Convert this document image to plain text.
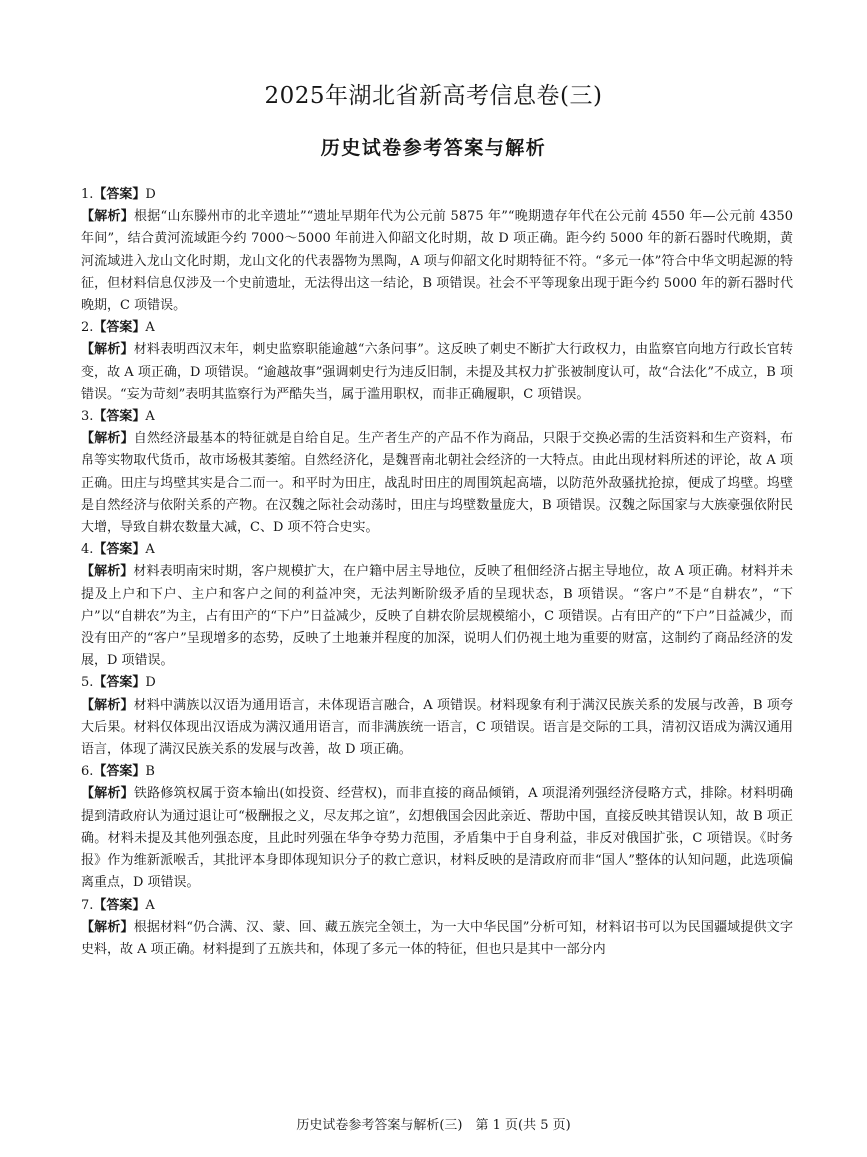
2025年湖北省新高考信息卷(三)
历史试卷参考答案与解析
1.【答案】D
【解析】根据“山东滕州市的北辛遗址”“遗址早期年代为公元前 5875 年”“晚期遗存年代在公元前 4550 年—公元前 4350 年间”，结合黄河流域距今约 7000～5000 年前进入仰韶文化时期，故 D 项正确。距今约 5000 年的新石器时代晚期，黄河流域进入龙山文化时期，龙山文化的代表器物为黑陶，A 项与仰韶文化时期特征不符。“多元一体”符合中华文明起源的特征，但材料信息仅涉及一个史前遗址，无法得出这一结论，B 项错误。社会不平等现象出现于距今约 5000 年的新石器时代晚期，C 项错误。
2.【答案】A
【解析】材料表明西汉末年，刺史监察职能逾越“六条问事”。这反映了刺史不断扩大行政权力，由监察官向地方行政长官转变，故 A 项正确，D 项错误。“逾越故事”强调刺史行为违反旧制，未提及其权力扩张被制度认可，故“合法化”不成立，B 项错误。“妄为苛刻”表明其监察行为严酷失当，属于滥用职权，而非正确履职，C 项错误。
3.【答案】A
【解析】自然经济最基本的特征就是自给自足。生产者生产的产品不作为商品，只限于交换必需的生活资料和生产资料，布帛等实物取代货币，故市场极其萎缩。自然经济化，是魏晋南北朝社会经济的一大特点。由此出现材料所述的评论，故 A 项正确。田庄与坞壁其实是合二而一。和平时为田庄，战乱时田庄的周围筑起高墙，以防范外敌骚扰抢掠，便成了坞壁。坞壁是自然经济与依附关系的产物。在汉魏之际社会动荡时，田庄与坞壁数量庞大，B 项错误。汉魏之际国家与大族豪强依附民大增，导致自耕农数量大减，C、D 项不符合史实。
4.【答案】A
【解析】材料表明南宋时期，客户规模扩大，在户籍中居主导地位，反映了租佃经济占据主导地位，故 A 项正确。材料并未提及上户和下户、主户和客户之间的利益冲突，无法判断阶级矛盾的呈现状态，B 项错误。“客户”不是“自耕农”，“下户”以“自耕农”为主，占有田产的“下户”日益减少，反映了自耕农阶层规模缩小，C 项错误。占有田产的“下户”日益减少，而没有田产的“客户”呈现增多的态势，反映了土地兼并程度的加深，说明人们仍视土地为重要的财富，这制约了商品经济的发展，D 项错误。
5.【答案】D
【解析】材料中满族以汉语为通用语言，未体现语言融合，A 项错误。材料现象有利于满汉民族关系的发展与改善，B 项夸大后果。材料仅体现出汉语成为满汉通用语言，而非满族统一语言，C 项错误。语言是交际的工具，清初汉语成为满汉通用语言，体现了满汉民族关系的发展与改善，故 D 项正确。
6.【答案】B
【解析】铁路修筑权属于资本输出(如投资、经营权)，而非直接的商品倾销，A 项混淆列强经济侵略方式，排除。材料明确提到清政府认为通过退让可“极酬报之义，尽友邦之谊”，幻想俄国会因此亲近、帮助中国，直接反映其错误认知，故 B 项正确。材料未提及其他列强态度，且此时列强在华争夺势力范围，矛盾集中于自身利益，非反对俄国扩张，C 项错误。《时务报》作为维新派喉舌，其批评本身即体现知识分子的救亡意识，材料反映的是清政府而非“国人”整体的认知问题，此选项偏离重点，D 项错误。
7.【答案】A
【解析】根据材料“仍合满、汉、蒙、回、藏五族完全领土，为一大中华民国”分析可知，材料诏书可以为民国疆域提供文字史料，故 A 项正确。材料提到了五族共和，体现了多元一体的特征，但也只是其中一部分内
历史试卷参考答案与解析(三)　第 1 页(共 5 页)
